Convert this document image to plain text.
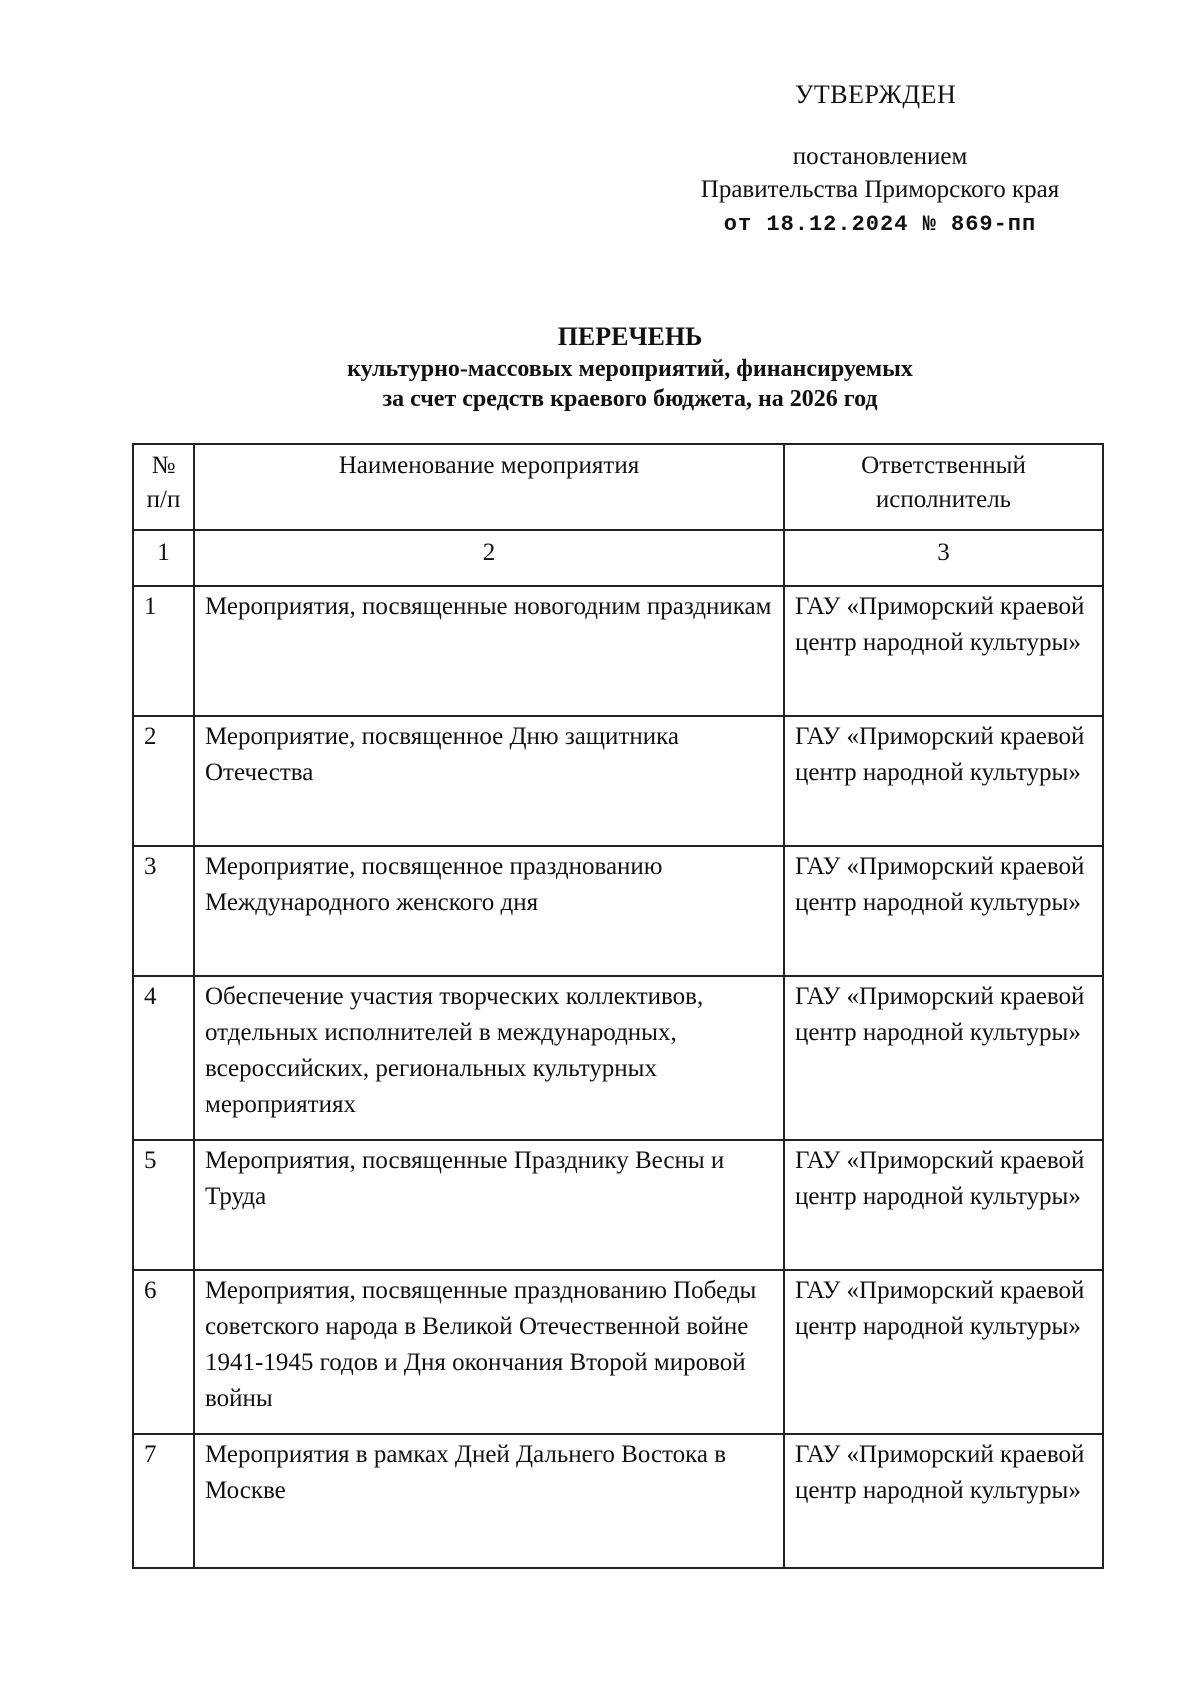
УТВЕРЖДЕН
постановлением
Правительства Приморского края
от 18.12.2024 № 869-пп
ПЕРЕЧЕНЬ
культурно-массовых мероприятий, финансируемых
за счет средств краевого бюджета, на 2026 год
№
п/п	Наименование мероприятия	Ответственный
исполнитель
1	2	3
1	Мероприятия, посвященные новогодним праздникам	ГАУ «Приморский краевой центр народной культуры»
2	Мероприятие, посвященное Дню защитника Отечества	ГАУ «Приморский краевой центр народной культуры»
3	Мероприятие, посвященное празднованию Международного женского дня	ГАУ «Приморский краевой центр народной культуры»
4	Обеспечение участия творческих коллективов, отдельных исполнителей в международных, всероссийских, региональных культурных мероприятиях	ГАУ «Приморский краевой центр народной культуры»
5	Мероприятия, посвященные Празднику Весны и Труда	ГАУ «Приморский краевой центр народной культуры»
6	Мероприятия, посвященные празднованию Победы советского народа в Великой Отечественной войне 1941-1945 годов и Дня окончания Второй мировой войны	ГАУ «Приморский краевой центр народной культуры»
7	Мероприятия в рамках Дней Дальнего Востока в Москве	ГАУ «Приморский краевой центр народной культуры»
